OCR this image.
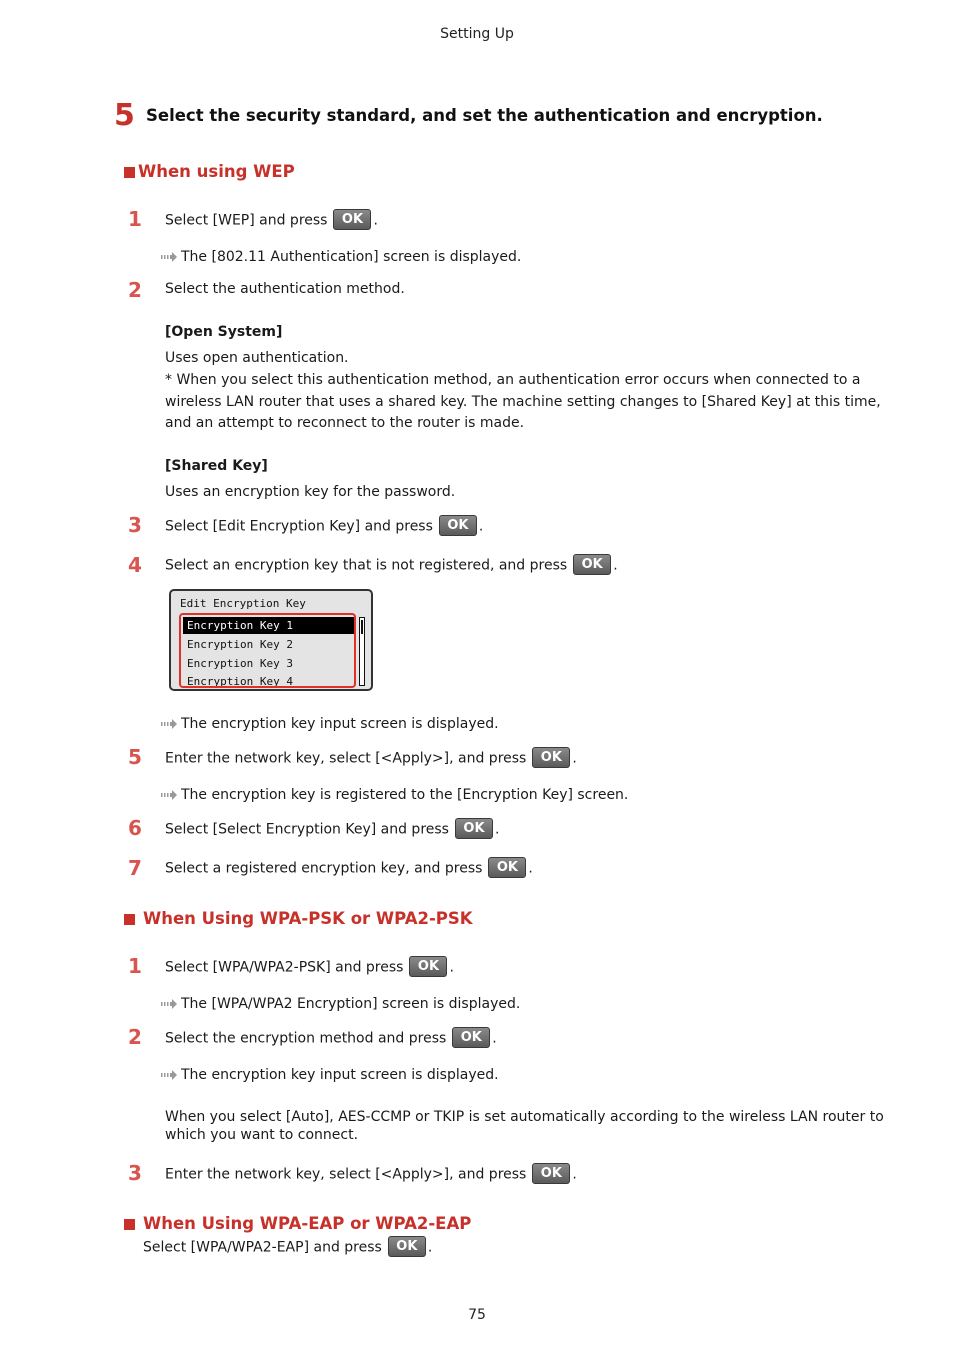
Setting Up
5 Select the security standard, and set the authentication and encryption.
When using WEP
1 Select [WEP] and press OK .
The [802.11 Authentication] screen is displayed.
2 Select the authentication method.
[Open System]
Uses open authentication.
* When you select this authentication method, an authentication error occurs when connected to a wireless LAN router that uses a shared key. The machine setting changes to [Shared Key] at this time, and an attempt to reconnect to the router is made.
[Shared Key]
Uses an encryption key for the password.
3 Select [Edit Encryption Key] and press OK .
4 Select an encryption key that is not registered, and press OK .
Edit Encryption Key
Encryption Key 1
Encryption Key 2
Encryption Key 3
Encryption Key 4
The encryption key input screen is displayed.
5 Enter the network key, select [<Apply>], and press OK .
The encryption key is registered to the [Encryption Key] screen.
6 Select [Select Encryption Key] and press OK .
7 Select a registered encryption key, and press OK .
When Using WPA-PSK or WPA2-PSK
1 Select [WPA/WPA2-PSK] and press OK .
The [WPA/WPA2 Encryption] screen is displayed.
2 Select the encryption method and press OK .
The encryption key input screen is displayed.
When you select [Auto], AES-CCMP or TKIP is set automatically according to the wireless LAN router to which you want to connect.
3 Enter the network key, select [<Apply>], and press OK .
When Using WPA-EAP or WPA2-EAP
Select [WPA/WPA2-EAP] and press OK .
75
